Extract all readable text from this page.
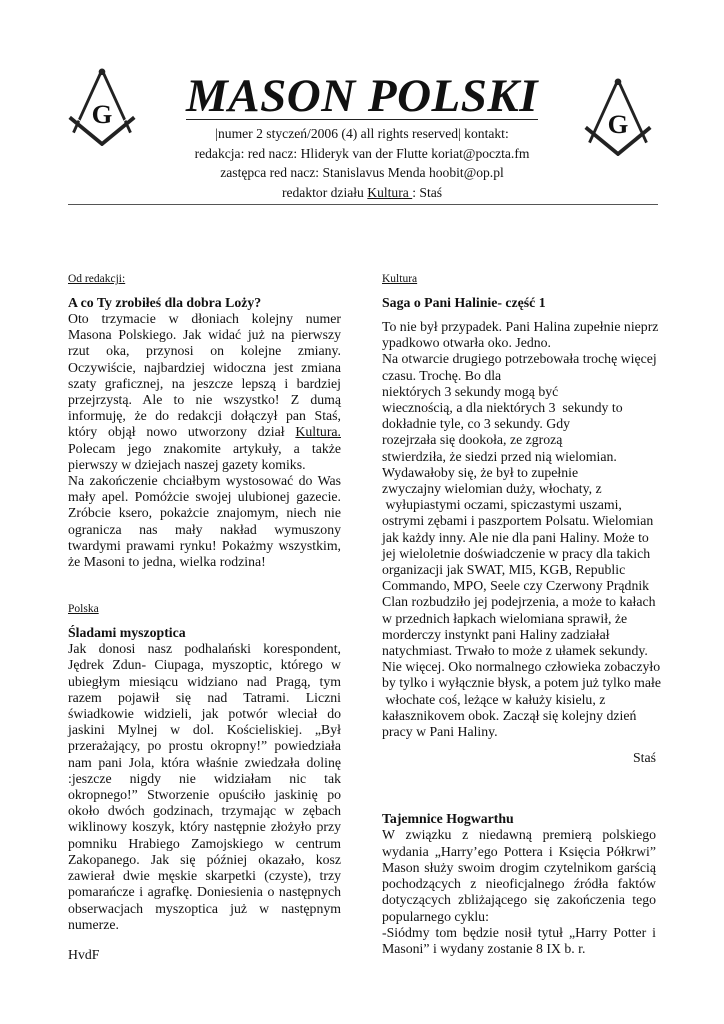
G	MASON POLSKI
|numer 2 styczeń/2006 (4) all rights reserved| kontakt:
redakcja: red nacz: Hlideryk van der Flutte koriat@poczta.fm
zastępca red nacz: Stanislavus Menda hoobit@op.pl
redaktor działu Kultura : Staś
G

Od redakcji:

A co Ty zrobiłeś dla dobra Loży?

Oto trzymacie w dłoniach kolejny numer Masona Polskiego. Jak widać już na pierwszy rzut oka, przynosi on kolejne zmiany. Oczywiście, najbardziej widoczna jest zmiana szaty graficznej, na jeszcze lepszą i bardziej przejrzystą. Ale to nie wszystko! Z dumą informuję, że do redakcji dołączył pan Staś, który objął nowo utworzony dział Kultura. Polecam jego znakomite artykuły, a także pierwszy w dziejach naszej gazety komiks.

Na zakończenie chciałbym wystosować do Was mały apel. Pomóżcie swojej ulubionej gazecie. Zróbcie ksero, pokażcie znajomym, niech nie ogranicza nas mały nakład wymuszony twardymi prawami rynku! Pokażmy wszystkim, że Masoni to jedna, wielka rodzina!

Polska

Śladami myszoptica

Jak donosi nasz podhalański korespondent, Jędrek Zdun- Ciupaga, myszoptic, którego w ubiegłym miesiącu widziano nad Pragą, tym razem pojawił się nad Tatrami. Liczni świadkowie widzieli, jak potwór wleciał do jaskini Mylnej w dol. Kościeliskiej. „Był przerażający, po prostu okropny!” powiedziała nam pani Jola, która właśnie zwiedzała dolinę :jeszcze nigdy nie widziałam nic tak okropnego!” Stworzenie opuściło jaskinię po około dwóch godzinach, trzymając w zębach wiklinowy koszyk, który następnie złożyło przy pomniku Hrabiego Zamojskiego w centrum Zakopanego. Jak się później okazało, kosz zawierał dwie męskie skarpetki (czyste), trzy pomarańcze i agrafkę. Doniesienia o następnych obserwacjach myszoptica już w następnym numerze.

HvdF

Kultura

Saga o Pani Halinie- część 1

To nie był przypadek. Pani Halina zupełnie nieprz
ypadkowo otwarła oko. Jedno.
Na otwarcie drugiego potrzebowała trochę więcej
czasu. Trochę. Bo dla
niektórych 3 sekundy mogą być
wiecznością, a dla niektórych 3  sekundy to
dokładnie tyle, co 3 sekundy. Gdy
rozejrzała się dookoła, ze zgrozą
stwierdziła, że siedzi przed nią wielomian.
Wydawałoby się, że był to zupełnie
zwyczajny wielomian duży, włochaty, z
wyłupiastymi oczami, spiczastymi uszami,
ostrymi zębami i paszportem Polsatu. Wielomian
jak każdy inny. Ale nie dla pani Haliny. Może to
jej wieloletnie doświadczenie w pracy dla takich
organizacji jak SWAT, MI5, KGB, Republic
Commando, MPO, Seele czy Czerwony Prądnik
Clan rozbudziło jej podejrzenia, a może to kałach
w przednich łapkach wielomiana sprawił, że
morderczy instynkt pani Haliny zadziałał
natychmiast. Trwało to może z ułamek sekundy.
Nie więcej. Oko normalnego człowieka zobaczyło
by tylko i wyłącznie błysk, a potem już tylko małe
włochate coś, leżące w kałuży kisielu, z
kałasznikovem obok. Zaczął się kolejny dzień
pracy w Pani Haliny.

Staś

Tajemnice Hogwarthu

W związku z niedawną premierą polskiego wydania „Harry’ego Pottera i Księcia Półkrwi” Mason służy swoim drogim czytelnikom garścią pochodzących z nieoficjalnego źródła faktów dotyczących zbliżającego się zakończenia tego popularnego cyklu:

-Siódmy tom będzie nosił tytuł „Harry Potter i Masoni” i wydany zostanie 8 IX b. r.
